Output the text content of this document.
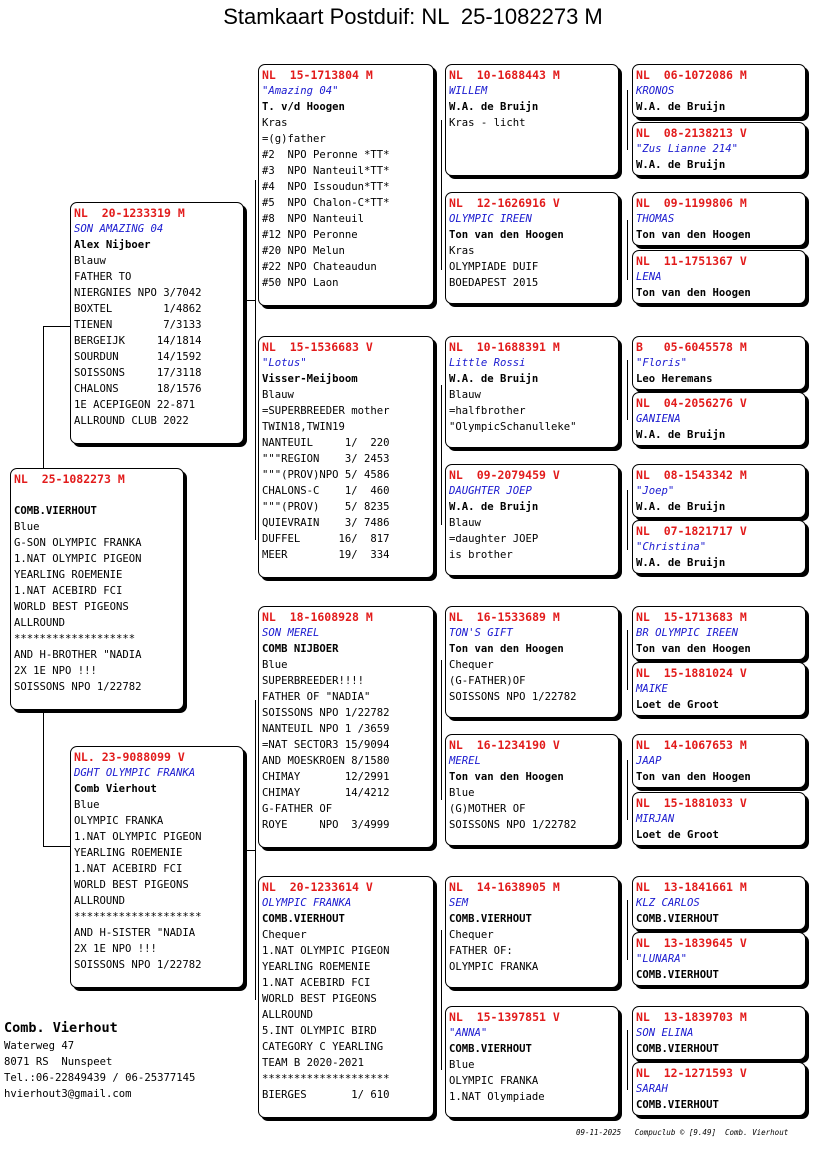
Stamkaart Postduif: NL  25-1082273 M
NL  25-1082273 M
COMB.VIERHOUT
Blue
G-SON OLYMPIC FRANKA
1.NAT OLYMPIC PIGEON
YEARLING ROEMENIE
1.NAT ACEBIRD FCI
WORLD BEST PIGEONS
ALLROUND
*******************
AND H-BROTHER "NADIA
2X 1E NPO !!!
SOISSONS NPO 1/22782
NL  20-1233319 M
SON AMAZING 04
Alex Nijboer
Blauw
FATHER TO
NIERGNIES NPO 3/7042
BOXTEL        1/4862
TIENEN        7/3133
BERGEIJK     14/1814
SOURDUN      14/1592
SOISSONS     17/3118
CHALONS      18/1576
1E ACEPIGEON 22-871
ALLROUND CLUB 2022
NL. 23-9088099 V
DGHT OLYMPIC FRANKA
Comb Vierhout
Blue
OLYMPIC FRANKA
1.NAT OLYMPIC PIGEON
YEARLING ROEMENIE
1.NAT ACEBIRD FCI
WORLD BEST PIGEONS
ALLROUND
********************
AND H-SISTER "NADIA
2X 1E NPO !!!
SOISSONS NPO 1/22782
NL  15-1713804 M
"Amazing 04"
T. v/d Hoogen
Kras
=(g)father
#2  NPO Peronne *TT*
#3  NPO Nanteuil*TT*
#4  NPO Issoudun*TT*
#5  NPO Chalon-C*TT*
#8  NPO Nanteuil
#12 NPO Peronne
#20 NPO Melun
#22 NPO Chateaudun
#50 NPO Laon
NL  15-1536683 V
"Lotus"
Visser-Meijboom
Blauw
=SUPERBREEDER mother
TWIN18,TWIN19
NANTEUIL     1/  220
"""REGION    3/ 2453
"""(PROV)NPO 5/ 4586
CHALONS-C    1/  460
"""(PROV)    5/ 8235
QUIEVRAIN    3/ 7486
DUFFEL      16/  817
MEER        19/  334
NL  18-1608928 M
SON MEREL
COMB NIJBOER
Blue
SUPERBREEDER!!!!
FATHER OF "NADIA"
SOISSONS NPO 1/22782
NANTEUIL NPO 1 /3659
=NAT SECTOR3 15/9094
AND MOESKROEN 8/1580
CHIMAY       12/2991
CHIMAY       14/4212
G-FATHER OF
ROYE     NPO  3/4999
NL  20-1233614 V
OLYMPIC FRANKA
COMB.VIERHOUT
Chequer
1.NAT OLYMPIC PIGEON
YEARLING ROEMENIE
1.NAT ACEBIRD FCI
WORLD BEST PIGEONS
ALLROUND
5.INT OLYMPIC BIRD
CATEGORY C YEARLING
TEAM B 2020-2021
********************
BIERGES       1/ 610
NL  10-1688443 M
WILLEM
W.A. de Bruijn
Kras - licht
NL  12-1626916 V
OLYMPIC IREEN
Ton van den Hoogen
Kras
OLYMPIADE DUIF
BOEDAPEST 2015
NL  10-1688391 M
Little Rossi
W.A. de Bruijn
Blauw
=halfbrother
"OlympicSchanulleke"
NL  09-2079459 V
DAUGHTER JOEP
W.A. de Bruijn
Blauw
=daughter JOEP
is brother
NL  16-1533689 M
TON'S GIFT
Ton van den Hoogen
Chequer
(G-FATHER)OF
SOISSONS NPO 1/22782
NL  16-1234190 V
MEREL
Ton van den Hoogen
Blue
(G)MOTHER OF
SOISSONS NPO 1/22782
NL  14-1638905 M
SEM
COMB.VIERHOUT
Chequer
FATHER OF:
OLYMPIC FRANKA
NL  15-1397851 V
"ANNA"
COMB.VIERHOUT
Blue
OLYMPIC FRANKA
1.NAT Olympiade
NL  06-1072086 M
KRONOS
W.A. de Bruijn
NL  08-2138213 V
"Zus Lianne 214"
W.A. de Bruijn
NL  09-1199806 M
THOMAS
Ton van den Hoogen
NL  11-1751367 V
LENA
Ton van den Hoogen
B   05-6045578 M
"Floris"
Leo Heremans
NL  04-2056276 V
GANIENA
W.A. de Bruijn
NL  08-1543342 M
"Joep"
W.A. de Bruijn
NL  07-1821717 V
"Christina"
W.A. de Bruijn
NL  15-1713683 M
BR OLYMPIC IREEN
Ton van den Hoogen
NL  15-1881024 V
MAIKE
Loet de Groot
NL  14-1067653 M
JAAP
Ton van den Hoogen
NL  15-1881033 V
MIRJAN
Loet de Groot
NL  13-1841661 M
KLZ CARLOS
COMB.VIERHOUT
NL  13-1839645 V
"LUNARA"
COMB.VIERHOUT
NL  13-1839703 M
SON ELINA
COMB.VIERHOUT
NL  12-1271593 V
SARAH
COMB.VIERHOUT
Comb. Vierhout
Waterweg 47
8071 RS  Nunspeet
Tel.:06-22849439 / 06-25377145
hvierhout3@gmail.com
09-11-2025   Compuclub © [9.49]  Comb. Vierhout
